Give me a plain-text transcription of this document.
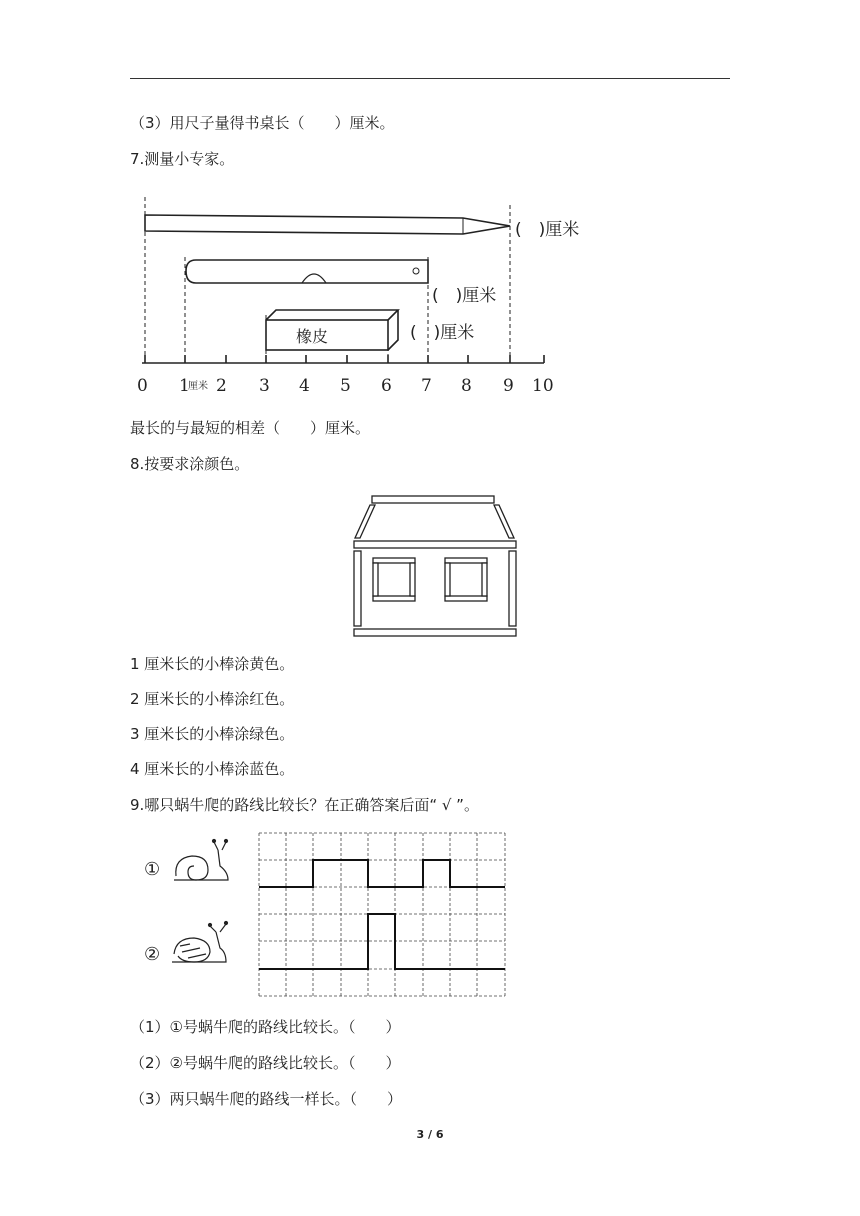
（3）用尺子量得书桌长（　　）厘米。
7.测量小专家。
橡皮
(　)厘米
(　)厘米
(　)厘米
0 1
厘米 2 3 4 5 6 7 8 9 10
最长的与最短的相差（　　）厘米。
8.按要求涂颜色。
1 厘米长的小棒涂黄色。
2 厘米长的小棒涂红色。
3 厘米长的小棒涂绿色。
4 厘米长的小棒涂蓝色。
9.哪只蜗牛爬的路线比较长？在正确答案后面“ √ ”。
①
②
（1）①号蜗牛爬的路线比较长。（　　）
（2）②号蜗牛爬的路线比较长。（　　）
（3）两只蜗牛爬的路线一样长。（　　）
3 / 6
